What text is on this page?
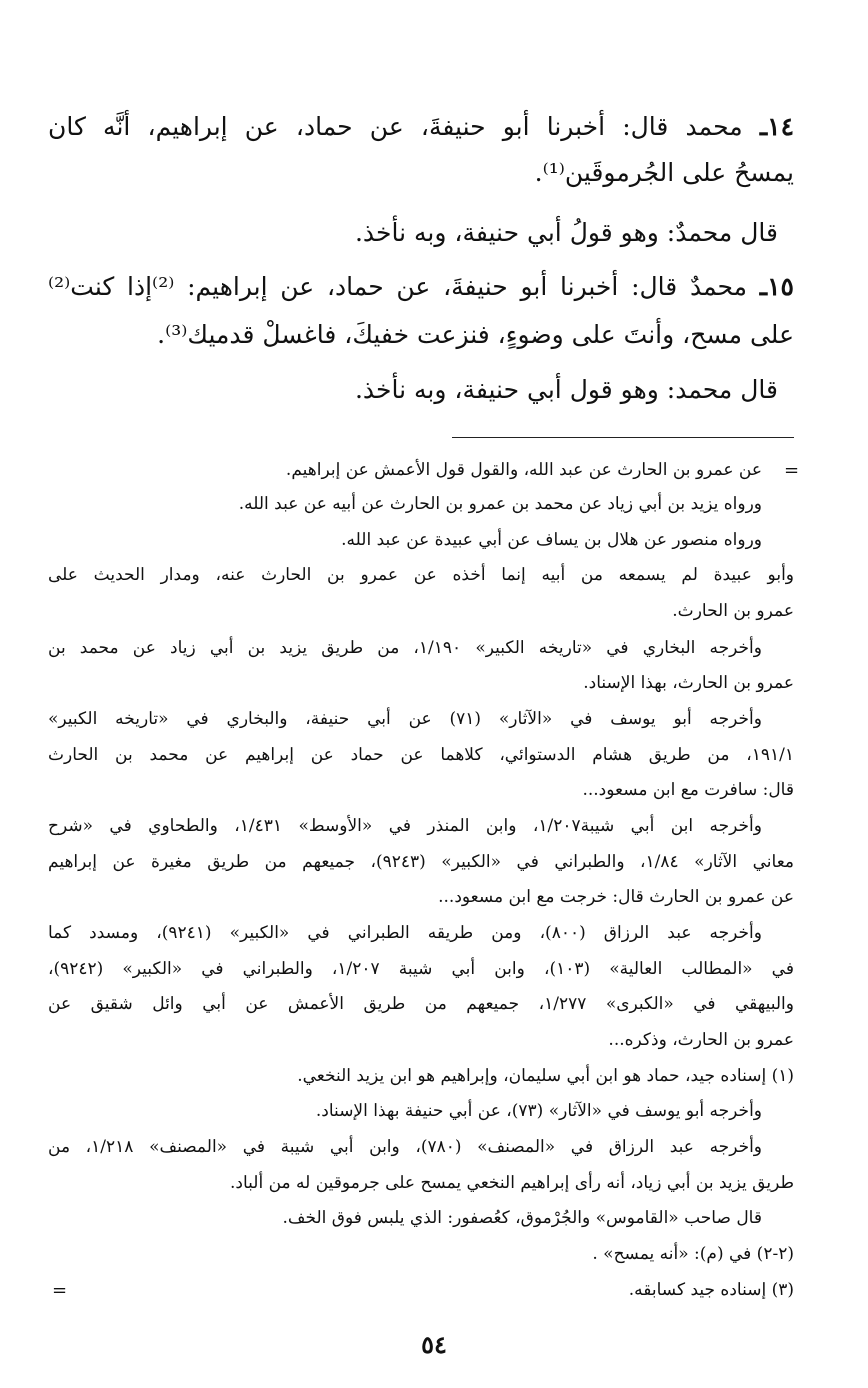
١٤ـ محمد قال: أخبرنا أبو حنيفةَ، عن حماد، عن إبراهيم، أنَّه كان
يمسحُ على الجُرموقَين⁽¹⁾.
قال محمدٌ: وهو قولُ أبي حنيفة، وبه نأخذ.
١٥ـ محمدٌ قال: أخبرنا أبو حنيفةَ، عن حماد، عن إبراهيم: ⁽²⁾إذا كنت⁽²⁾
على مسح، وأنتَ على وضوءٍ، فنزعت خفيكَ، فاغسلْ قدميك⁽³⁾.
قال محمد: وهو قول أبي حنيفة، وبه نأخذ.
=
عن عمرو بن الحارث عن عبد الله، والقول قول الأعمش عن إبراهيم.
ورواه يزيد بن أبي زياد عن محمد بن عمرو بن الحارث عن أبيه عن عبد الله.
ورواه منصور عن هلال بن يساف عن أبي عبيدة عن عبد الله.
وأبو عبيدة لم يسمعه من أبيه إنما أخذه عن عمرو بن الحارث عنه، ومدار الحديث على
عمرو بن الحارث.
وأخرجه البخاري في «تاريخه الكبير» ١/١٩٠، من طريق يزيد بن أبي زياد عن محمد بن
عمرو بن الحارث، بهذا الإسناد.
وأخرجه أبو يوسف في «الآثار» (٧١) عن أبي حنيفة، والبخاري في «تاريخه الكبير»
١٩١/١، من طريق هشام الدستوائي، كلاهما عن حماد عن إبراهيم عن محمد بن الحارث
قال: سافرت مع ابن مسعود...
وأخرجه ابن أبي شيبة١/٢٠٧، وابن المنذر في «الأوسط» ١/٤٣١، والطحاوي في «شرح
معاني الآثار» ١/٨٤، والطبراني في «الكبير» (٩٢٤٣)، جميعهم من طريق مغيرة عن إبراهيم
عن عمرو بن الحارث قال: خرجت مع ابن مسعود...
وأخرجه عبد الرزاق (٨٠٠)، ومن طريقه الطبراني في «الكبير» (٩٢٤١)، ومسدد كما
في «المطالب العالية» (١٠٣)، وابن أبي شيبة ١/٢٠٧، والطبراني في «الكبير» (٩٢٤٢)،
والبيهقي في «الكبرى» ١/٢٧٧، جميعهم من طريق الأعمش عن أبي وائل شقيق عن
عمرو بن الحارث، وذكره...
(١) إسناده جيد، حماد هو ابن أبي سليمان، وإبراهيم هو ابن يزيد النخعي.
وأخرجه أبو يوسف في «الآثار» (٧٣)، عن أبي حنيفة بهذا الإسناد.
وأخرجه عبد الرزاق في «المصنف» (٧٨٠)، وابن أبي شيبة في «المصنف» ١/٢١٨، من
طريق يزيد بن أبي زياد، أنه رأى إبراهيم النخعي يمسح على جرموقين له من ألباد.
قال صاحب «القاموس» والجُرْموق، كعُصفور: الذي يلبس فوق الخف.
(٢-٢) في (م): «أنه يمسح» .
(٣) إسناده جيد كسابقه.
=
٥٤
